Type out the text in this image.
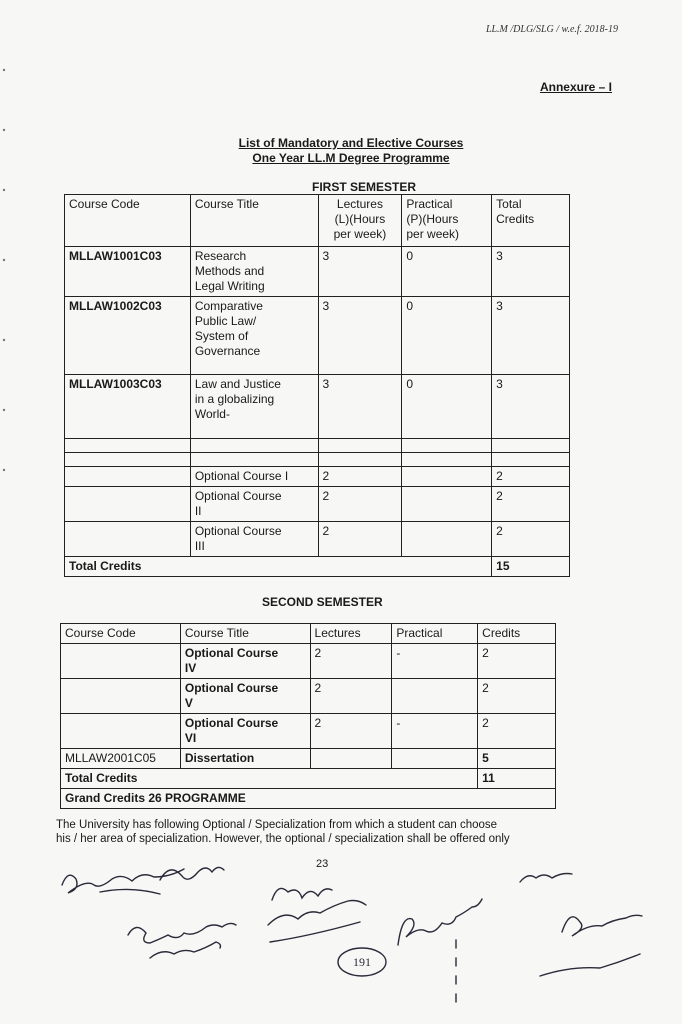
LL.M /DLG/SLG / w.e.f. 2018-19
Annexure – I
List of Mandatory and Elective Courses
One Year LL.M Degree Programme
FIRST SEMESTER
Course Code	Course Title	Lectures
(L)(Hours
per week)	Practical
(P)(Hours
per week)	Total
Credits
MLLAW1001C03	Research
Methods and
Legal Writing	3	0	3
MLLAW1002C03	Comparative
Public Law/
System of
Governance	3	0	3
MLLAW1003C03	Law and Justice
in a globalizing
World-	3	0	3

	Optional Course I	2		2
	Optional Course
II	2		2
	Optional Course
III	2		2
Total Credits				15
SECOND SEMESTER
Course Code	Course Title	Lectures	Practical	Credits
	Optional Course
IV	2	-	2
	Optional Course
V	2		2
	Optional Course
VI	2	-	2
MLLAW2001C05	Dissertation			5
Total Credits				11
Grand Credits 26 PROGRAMME				
The University has following Optional / Specialization from which a student can choose
his / her area of specialization. However, the optional / specialization shall be offered only
23
191
